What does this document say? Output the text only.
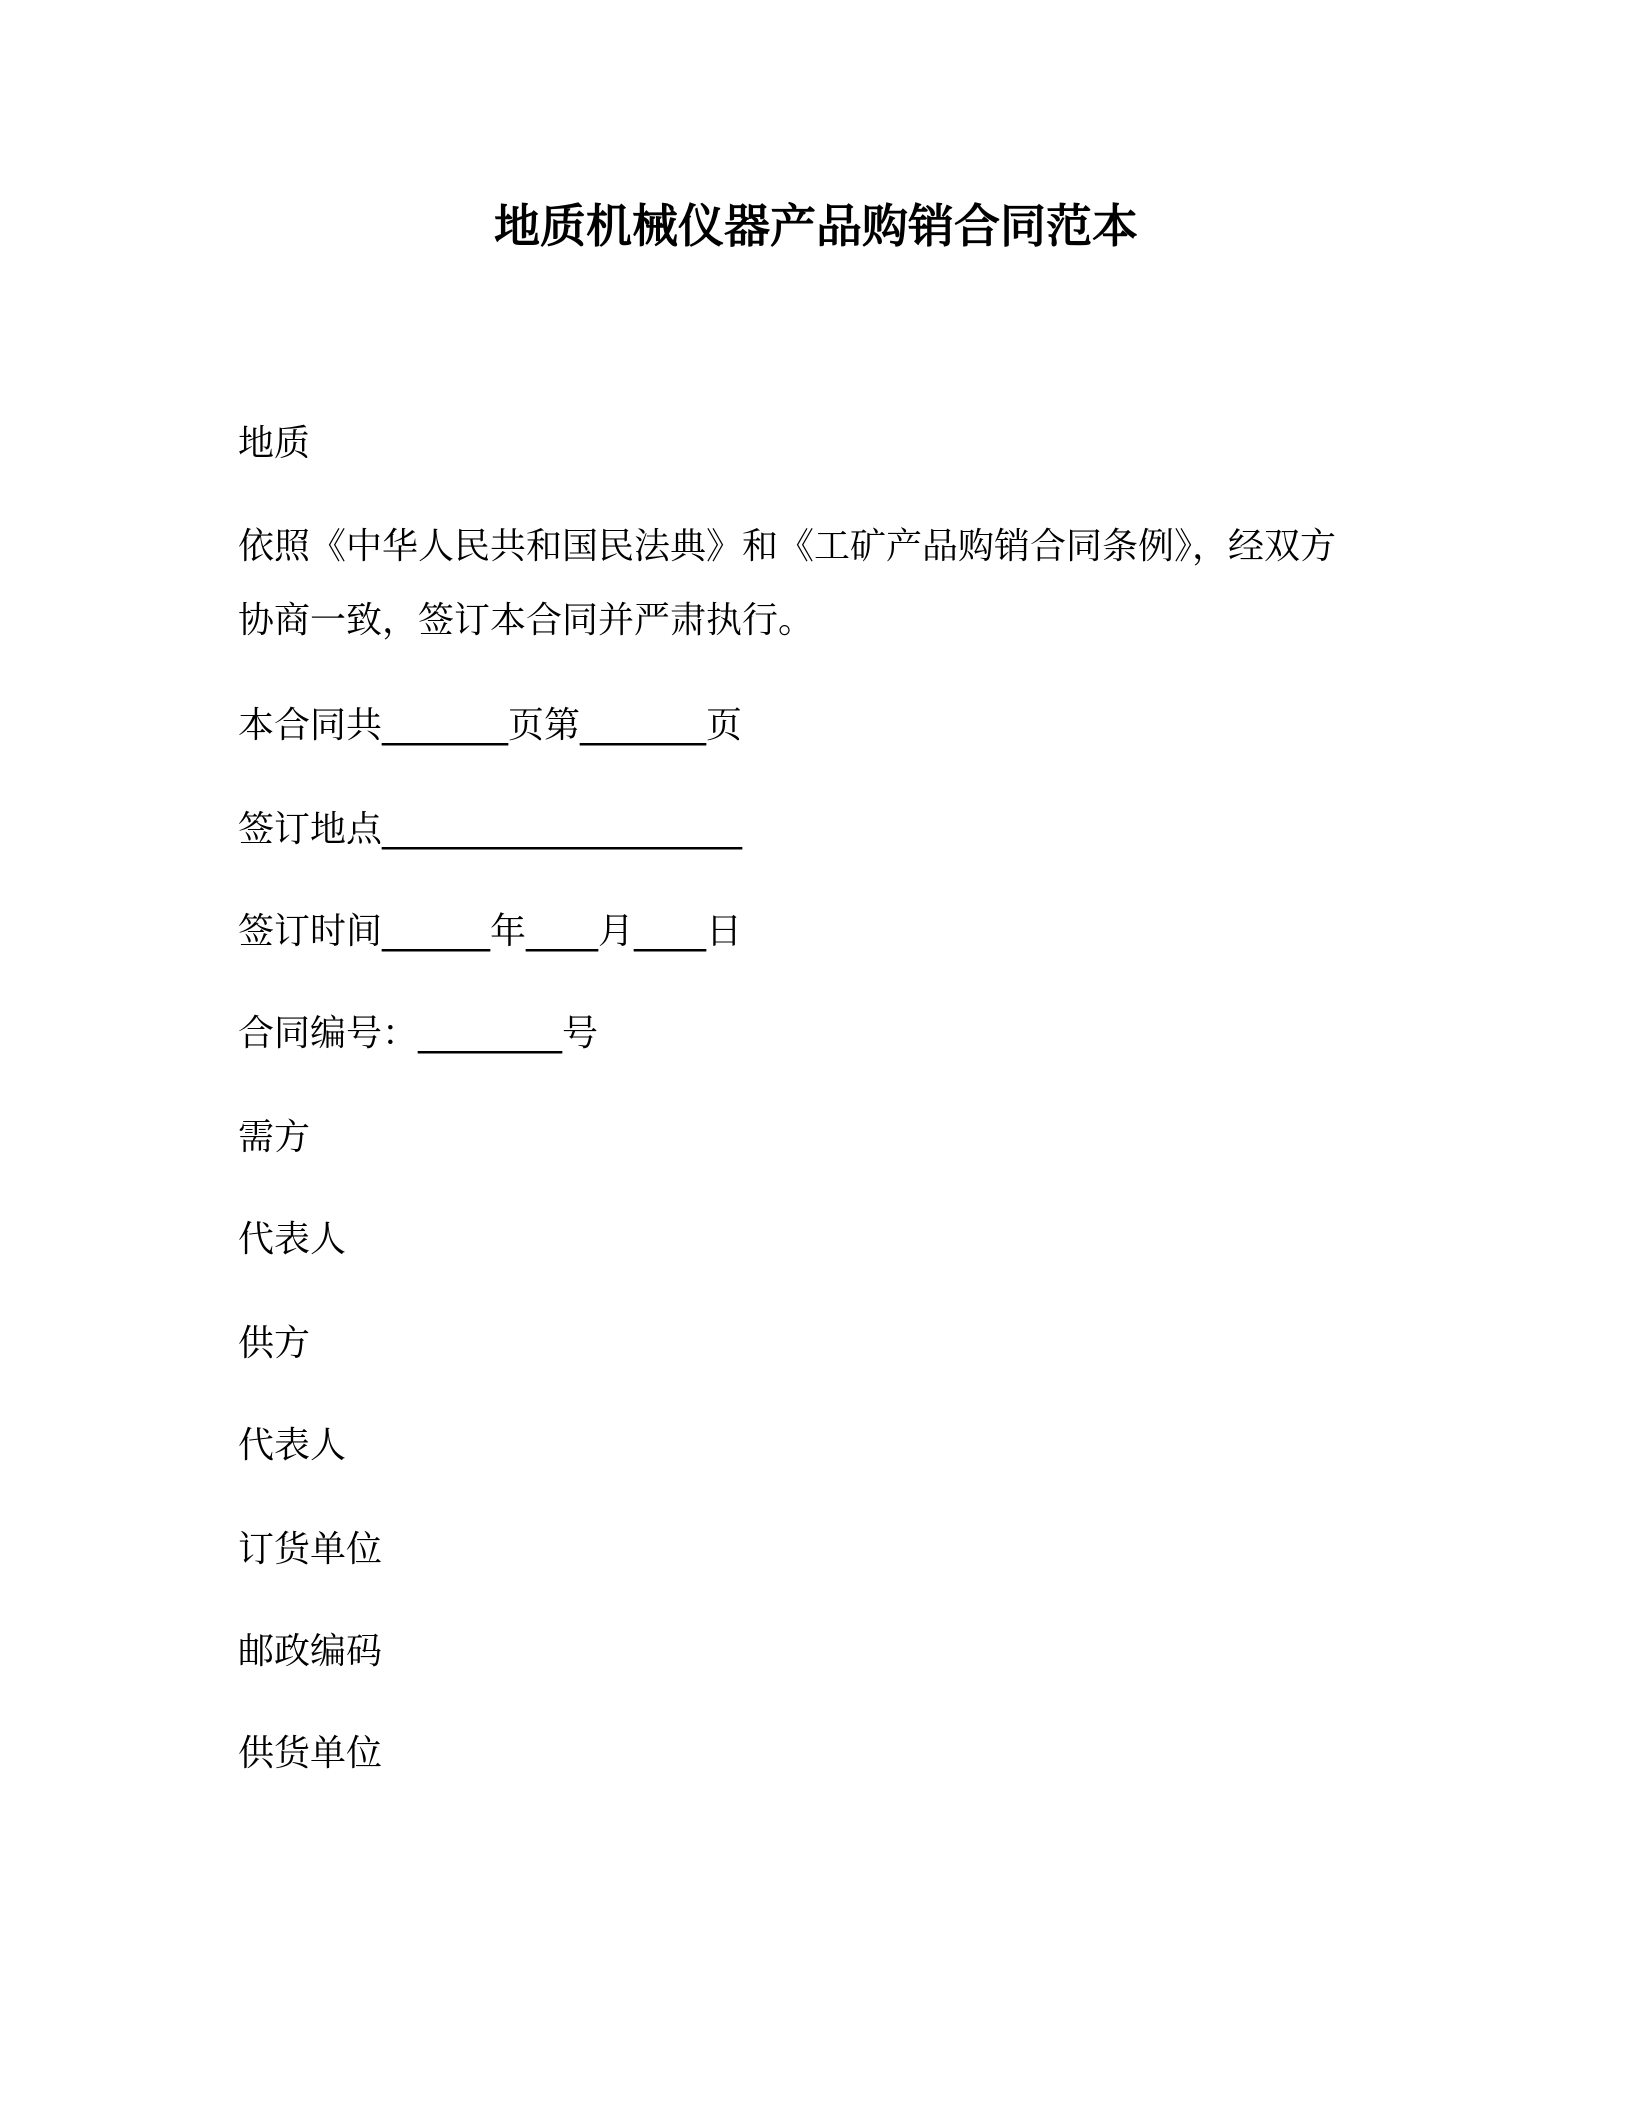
地质机械仪器产品购销合同范本

地质

依照《中华人民共和国民法典》和《工矿产品购销合同条例》，经双方协商一致，签订本合同并严肃执行。

本合同共_______页第_______页

签订地点____________________

签订时间______年____月____日

合同编号：________号

需方

代表人

供方

代表人

订货单位

邮政编码

供货单位
